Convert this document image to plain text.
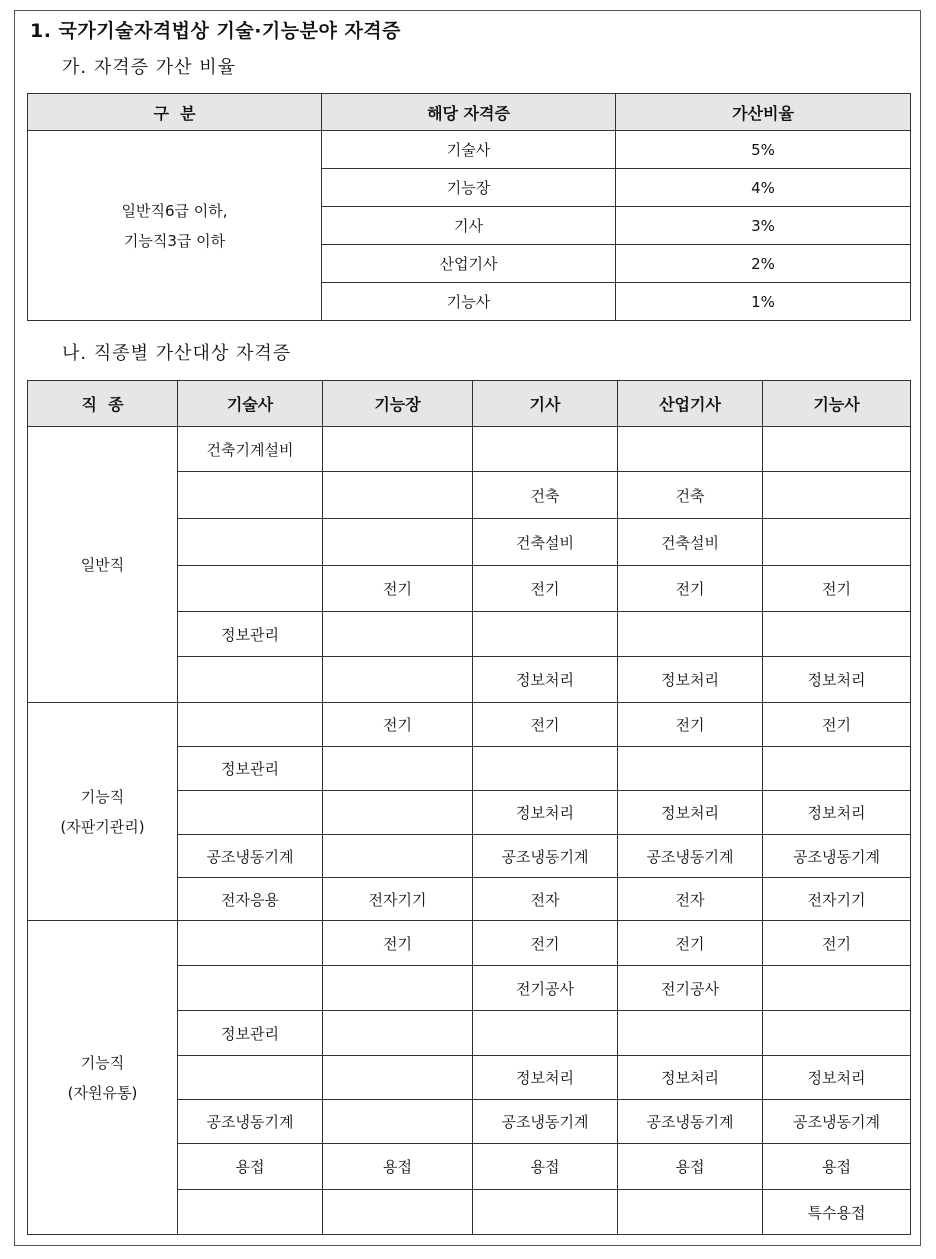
1. 국가기술자격법상 기술·기능분야 자격증
가. 자격증 가산 비율
구  분	해당 자격증	가산비율

일반직6급 이하,
기능직3급 이하	기술사	5%
	기능장	4%
	기사	3%
	산업기사	2%
	기능사	1%
나. 직종별 가산대상 자격증
직  종	기술사	기능장	기사	산업기사	기능사

일반직	건축기계설비				
			건축	건축	
			건축설비	건축설비	
		전기	전기	전기	전기
	정보관리				
			정보처리	정보처리	정보처리

기능직
(자판기관리)		전기	전기	전기	전기
	정보관리				
			정보처리	정보처리	정보처리
	공조냉동기계		공조냉동기계	공조냉동기계	공조냉동기계
	전자응용	전자기기	전자	전자	전자기기

기능직
(자원유통)		전기	전기	전기	전기
			전기공사	전기공사	
	정보관리				
			정보처리	정보처리	정보처리
	공조냉동기계		공조냉동기계	공조냉동기계	공조냉동기계
	용접	용접	용접	용접	용접
					특수용접
